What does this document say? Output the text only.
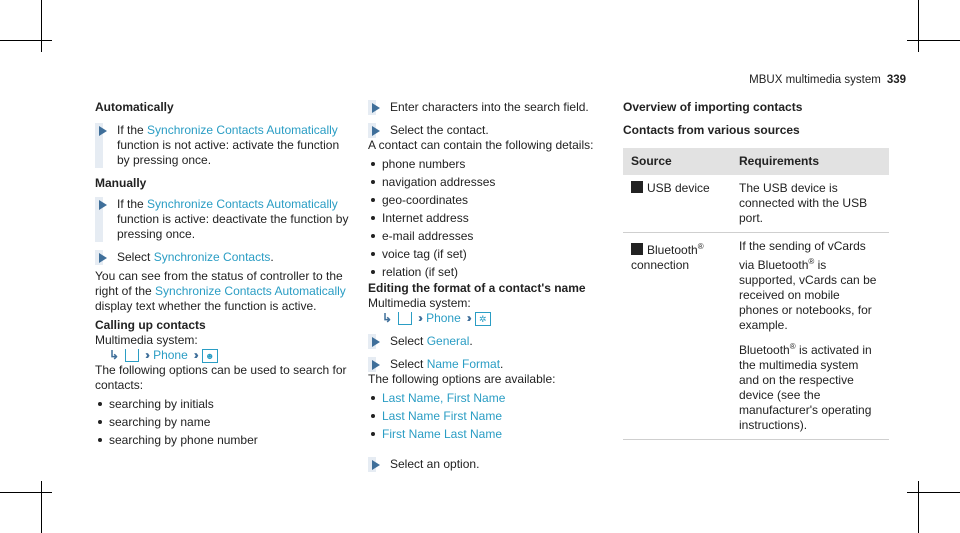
MBUX multimedia system 339
Automatically
If the Synchronize Contacts Automatically function is not active: activate the function by pressing once.
Manually
If the Synchronize Contacts Automatically function is active: deactivate the function by pressing once.
Select Synchronize Contacts.
You can see from the status of controller to the right of the Synchronize Contacts Automatically display text whether the function is active.
Calling up contacts
Multimedia system:
↳ ›› Phone ››	☻
The following options can be used to search for contacts:
searching by initials
searching by name
searching by phone number
Enter characters into the search field.
Select the contact.
A contact can contain the following details:
phone numbers
navigation addresses
geo-coordinates
Internet address
e-mail addresses
voice tag (if set)
relation (if set)
Editing the format of a contact's name
Multimedia system:
↳ ›› Phone ››	✲
Select General.
Select Name Format.
The following options are available:
Last Name, First Name
Last Name First Name
First Name Last Name
Select an option.
Overview of importing contacts
Contacts from various sources
Source	Requirements
USB device	The USB device is connected with the USB port.
Bluetooth® connection	If the sending of vCards via Bluetooth® is supported, vCards can be received on mobile phones or notebooks, for example.
Bluetooth® is activated in the multimedia system and on the respective device (see the manufacturer's operating instructions).
